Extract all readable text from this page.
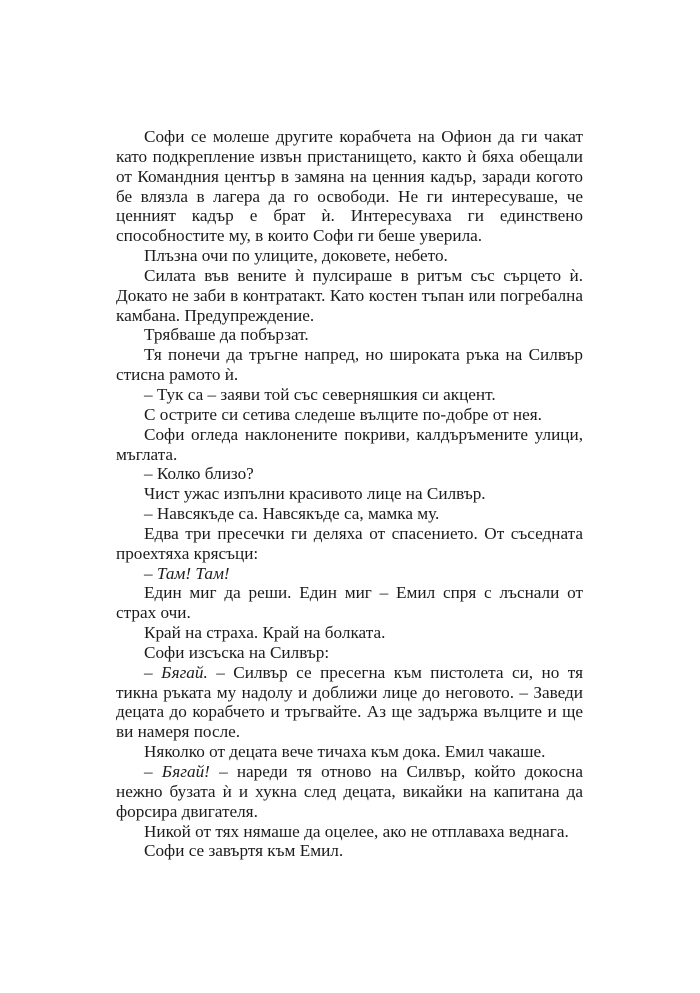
Софи се молеше другите корабчета на Офион да ги чакат като подкрепление извън пристанището, както ѝ бяха обещали от Командния център в замяна на ценния кадър, заради когото бе влязла в лагера да го освободи. Не ги интересуваше, че ценният кадър е брат ѝ. Интересуваха ги единствено способностите му, в които Софи ги беше уверила.

Плъзна очи по улиците, доковете, небето.

Силата във вените ѝ пулсираше в ритъм със сърцето ѝ. Докато не заби в контратакт. Като костен тъпан или погребална камбана. Предупреждение.

Трябваше да побързат.

Тя понечи да тръгне напред, но широката ръка на Силвър стисна рамото ѝ.

– Тук са – заяви той със северняшкия си акцент.

С острите си сетива следеше вълците по-добре от нея.

Софи огледа наклонените покриви, калдъръмените улици, мъглата.

– Колко близо?

Чист ужас изпълни красивото лице на Силвър.

– Навсякъде са. Навсякъде са, мамка му.

Едва три пресечки ги деляха от спасението. От съседната проехтяха крясъци:

– Там! Там!

Един миг да реши. Един миг – Емил спря с лъснали от страх очи.

Край на страха. Край на болката.

Софи изсъска на Силвър:

– Бягай. – Силвър се пресегна към пистолета си, но тя тикна ръката му надолу и доближи лице до неговото. – Заведи децата до корабчето и тръгвайте. Аз ще задържа вълците и ще ви намеря после.

Няколко от децата вече тичаха към дока. Емил чакаше.

– Бягай! – нареди тя отново на Силвър, който докосна нежно бузата ѝ и хукна след децата, викайки на капитана да форсира двигателя.

Никой от тях нямаше да оцелее, ако не отплаваха веднага.

Софи се завъртя към Емил.
